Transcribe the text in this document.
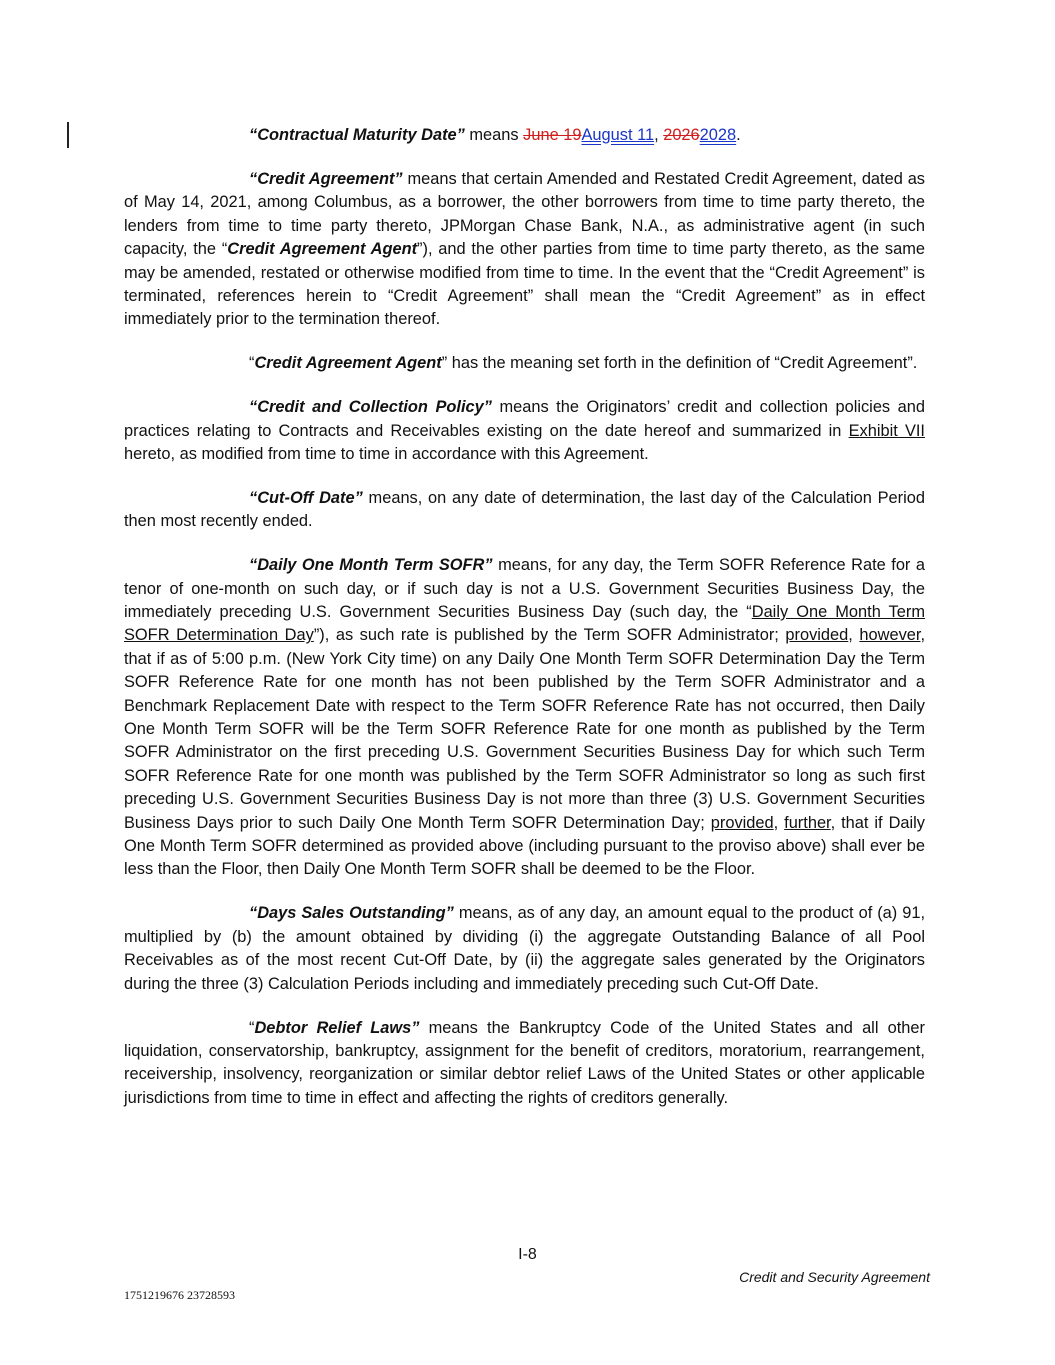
“Contractual Maturity Date” means June 19August 11, 20262028.

“Credit Agreement” means that certain Amended and Restated Credit Agreement, dated as of May 14, 2021, among Columbus, as a borrower, the other borrowers from time to time party thereto, the lenders from time to time party thereto, JPMorgan Chase Bank, N.A., as administrative agent (in such capacity, the “Credit Agreement Agent”), and the other parties from time to time party thereto, as the same may be amended, restated or otherwise modified from time to time. In the event that the “Credit Agreement” is terminated, references herein to “Credit Agreement” shall mean the “Credit Agreement” as in effect immediately prior to the termination thereof.

“Credit Agreement Agent” has the meaning set forth in the definition of “Credit Agreement”.

“Credit and Collection Policy” means the Originators’ credit and collection policies and practices relating to Contracts and Receivables existing on the date hereof and summarized in Exhibit VII hereto, as modified from time to time in accordance with this Agreement.

“Cut-Off Date” means, on any date of determination, the last day of the Calculation Period then most recently ended.

“Daily One Month Term SOFR” means, for any day, the Term SOFR Reference Rate for a tenor of one-month on such day, or if such day is not a U.S. Government Securities Business Day, the immediately preceding U.S. Government Securities Business Day (such day, the “Daily One Month Term SOFR Determination Day”), as such rate is published by the Term SOFR Administrator; provided, however, that if as of 5:00 p.m. (New York City time) on any Daily One Month Term SOFR Determination Day the Term SOFR Reference Rate for one month has not been published by the Term SOFR Administrator and a Benchmark Replacement Date with respect to the Term SOFR Reference Rate has not occurred, then Daily One Month Term SOFR will be the Term SOFR Reference Rate for one month as published by the Term SOFR Administrator on the first preceding U.S. Government Securities Business Day for which such Term SOFR Reference Rate for one month was published by the Term SOFR Administrator so long as such first preceding U.S. Government Securities Business Day is not more than three (3) U.S. Government Securities Business Days prior to such Daily One Month Term SOFR Determination Day; provided, further, that if Daily One Month Term SOFR determined as provided above (including pursuant to the proviso above) shall ever be less than the Floor, then Daily One Month Term SOFR shall be deemed to be the Floor.

“Days Sales Outstanding” means, as of any day, an amount equal to the product of (a) 91, multiplied by (b) the amount obtained by dividing (i) the aggregate Outstanding Balance of all Pool Receivables as of the most recent Cut-Off Date, by (ii) the aggregate sales generated by the Originators during the three (3) Calculation Periods including and immediately preceding such Cut-Off Date.

“Debtor Relief Laws” means the Bankruptcy Code of the United States and all other liquidation, conservatorship, bankruptcy, assignment for the benefit of creditors, moratorium, rearrangement, receivership, insolvency, reorganization or similar debtor relief Laws of the United States or other applicable jurisdictions from time to time in effect and affecting the rights of creditors generally.

I-8
Credit and Security Agreement
1751219676 23728593
